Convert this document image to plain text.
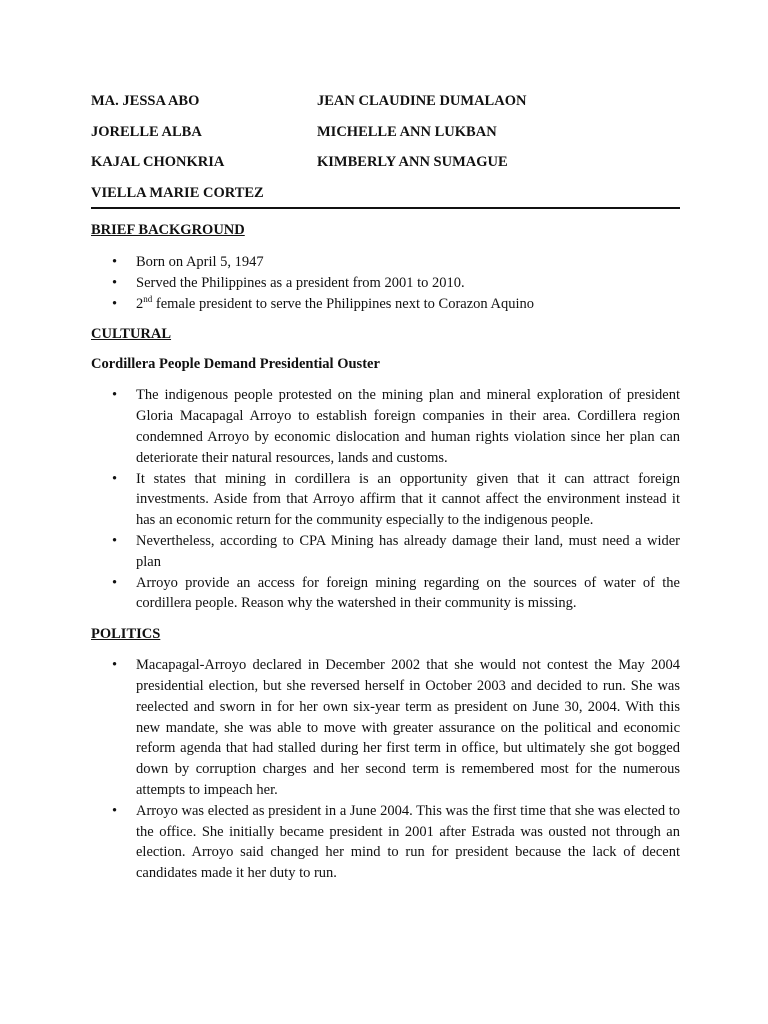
MA. JESSA ABO	JEAN CLAUDINE DUMALAON
JORELLE ALBA	MICHELLE ANN LUKBAN
KAJAL CHONKRIA	KIMBERLY ANN SUMAGUE
VIELLA MARIE CORTEZ

BRIEF BACKGROUND

• Born on April 5, 1947
• Served the Philippines as a president from 2001 to 2010.
• 2nd female president to serve the Philippines next to Corazon Aquino

CULTURAL

Cordillera People Demand Presidential Ouster

• The indigenous people protested on the mining plan and mineral exploration of president Gloria Macapagal Arroyo to establish foreign companies in their area. Cordillera region condemned Arroyo by economic dislocation and human rights violation since her plan can deteriorate their natural resources, lands and customs.
• It states that mining in cordillera is an opportunity given that it can attract foreign investments. Aside from that Arroyo affirm that it cannot affect the environment instead it has an economic return for the community especially to the indigenous people.
• Nevertheless, according to CPA Mining has already damage their land, must need a wider plan
• Arroyo provide an access for foreign mining regarding on the sources of water of the cordillera people. Reason why the watershed in their community is missing.

POLITICS

• Macapagal-Arroyo declared in December 2002 that she would not contest the May 2004 presidential election, but she reversed herself in October 2003 and decided to run. She was reelected and sworn in for her own six-year term as president on June 30, 2004. With this new mandate, she was able to move with greater assurance on the political and economic reform agenda that had stalled during her first term in office, but ultimately she got bogged down by corruption charges and her second term is remembered most for the numerous attempts to impeach her.
• Arroyo was elected as president in a June 2004. This was the first time that she was elected to the office. She initially became president in 2001 after Estrada was ousted not through an election. Arroyo said changed her mind to run for president because the lack of decent candidates made it her duty to run.
